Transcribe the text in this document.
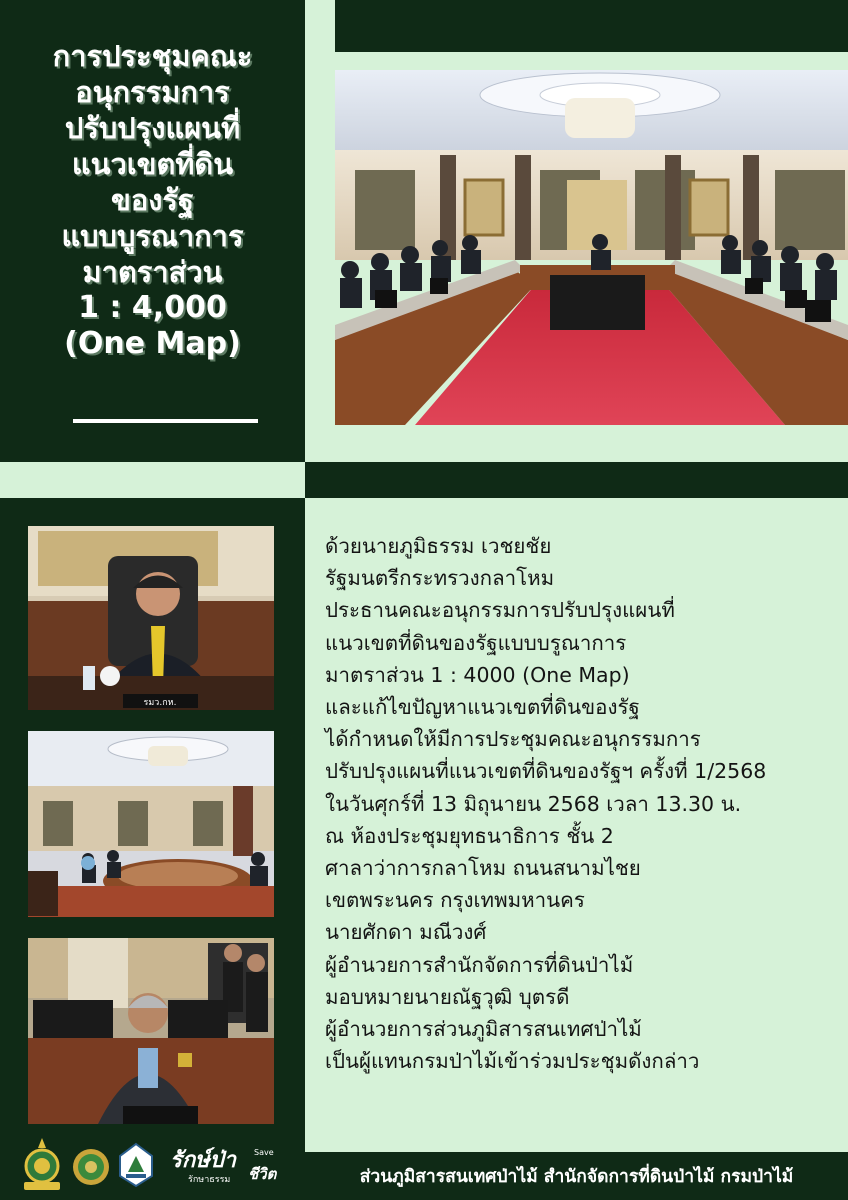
การประชุมคณะ
อนุกรรมการ
ปรับปรุงแผนที่
แนวเขตที่ดิน
ของรัฐ
แบบบูรณาการ
มาตราส่วน
1 : 4,000
(One Map)
รมว.กห.
ด้วยนายภูมิธรรม เวชยชัย
รัฐมนตรีกระทรวงกลาโหม
ประธานคณะอนุกรรมการปรับปรุงแผนที่
แนวเขตที่ดินของรัฐแบบบรูณาการ
มาตราส่วน 1 : 4000 (One Map)
และแก้ไขปัญหาแนวเขตที่ดินของรัฐ
ได้กำหนดให้มีการประชุมคณะอนุกรรมการ
ปรับปรุงแผนที่แนวเขตที่ดินของรัฐฯ ครั้งที่ 1/2568
ในวันศุกร์ที่ 13 มิถุนายน 2568 เวลา 13.30 น.
ณ ห้องประชุมยุทธนาธิการ ชั้น 2
ศาลาว่าการกลาโหม ถนนสนามไชย
เขตพระนคร กรุงเทพมหานคร
นายศักดา มณีวงศ์
ผู้อำนวยการสำนักจัดการที่ดินป่าไม้
มอบหมายนายณัฐวุฒิ บุตรดี
ผู้อำนวยการส่วนภูมิสารสนเทศป่าไม้
เป็นผู้แทนกรมป่าไม้เข้าร่วมประชุมดังกล่าว
รักษ์ป่า Save
ชีวิต
รักษาธรรม	ส่วนภูมิสารสนเทศป่าไม้ สำนักจัดการที่ดินป่าไม้ กรมป่าไม้
